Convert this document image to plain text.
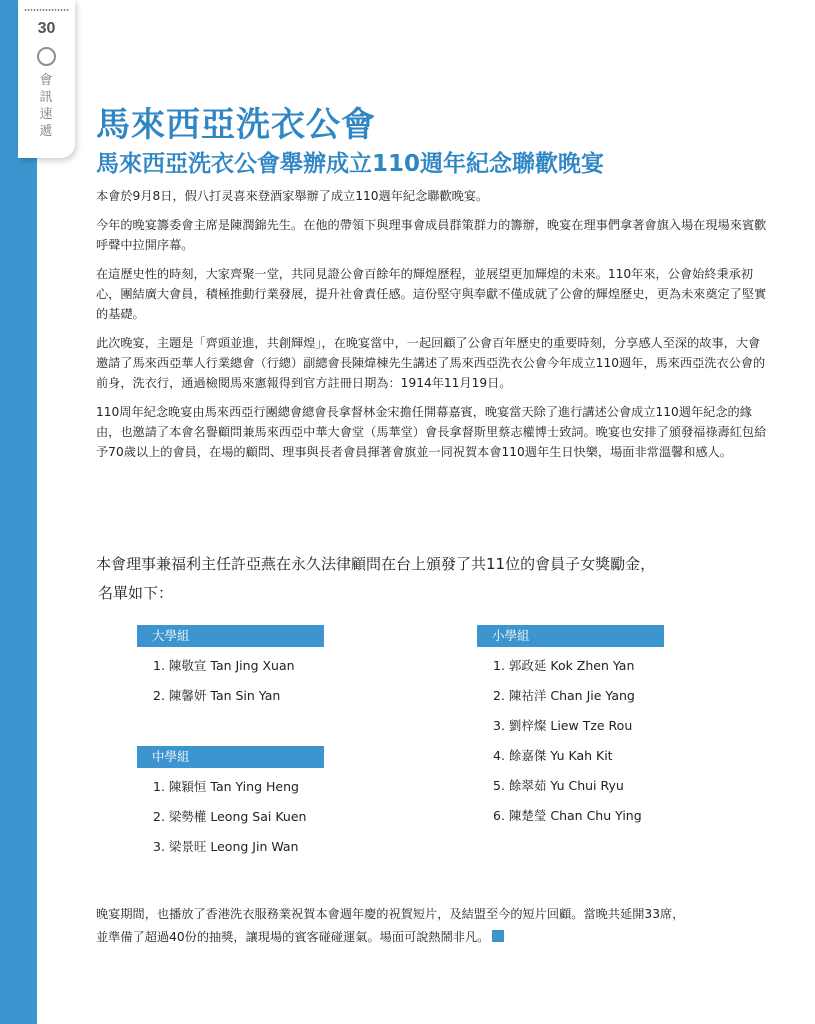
30
會訊速遞 馬來西亞洗衣公會
馬來西亞洗衣公會舉辦成立110週年紀念聯歡晚宴

本會於9月8日，假八打灵喜來登酒家舉辦了成立110週年紀念聯歡晚宴。

今年的晚宴籌委會主席是陳潤錦先生。在他的帶領下與理事會成員群策群力的籌辦，晚宴在理事們拿著會旗入場在現場來賓歡呼聲中拉開序幕。

在這歷史性的時刻，大家齊聚一堂，共同見證公會百餘年的輝煌歷程，並展望更加輝煌的未來。110年來，公會始終秉承初心，團結廣大會員，積極推動行業發展，提升社會責任感。這份堅守與奉獻不僅成就了公會的輝煌歷史，更為未來奠定了堅實的基礎。

此次晚宴，主題是「齊頭並進，共創輝煌」，在晚宴當中，一起回顧了公會百年歷史的重要時刻，分享感人至深的故事，大會邀請了馬來西亞華人行業總會（行總）副總會長陳煒棟先生講述了馬來西亞洗衣公會今年成立110週年，馬來西亞洗衣公會的前身，洗衣行，通過檢閱馬來憲報得到官方註冊日期為：1914年11月19日。

110周年紀念晚宴由馬來西亞行團總會總會長拿督林金宋擔任開幕嘉賓，晚宴當天除了進行講述公會成立110週年紀念的緣由，也邀請了本會名譽顧問兼馬來西亞中華大會堂（馬華堂）會長拿督斯里蔡志權博士致詞。晚宴也安排了頒發福祿壽紅包給予70歲以上的會員，在場的顧問、理事與長者會員揮著會旗並一同祝賀本會110週年生日快樂，場面非常溫馨和感人。

本會理事兼福利主任許亞燕在永久法律顧問在台上頒發了共11位的會員子女獎勵金，
名單如下：
大學組
1. 陳敬宣 Tan Jing Xuan
2. 陳馨妍 Tan Sin Yan
中學組
1. 陳穎恒 Tan Ying Heng
2. 梁勢權 Leong Sai Kuen
3. 梁景旺 Leong Jin Wan
小學組
1. 郭政延 Kok Zhen Yan
2. 陳祜洋 Chan Jie Yang
3. 劉梓燦 Liew Tze Rou
4. 餘嘉傑 Yu Kah Kit
5. 餘翠茹 Yu Chui Ryu
6. 陳楚瑩 Chan Chu Ying
晚宴期間，也播放了香港洗衣服務業祝賀本會週年慶的祝賀短片，及結盟至今的短片回顧。當晚共延開33席，
並準備了超過40份的抽獎，讓現場的賓客碰碰運氣。場面可說熱鬧非凡。
